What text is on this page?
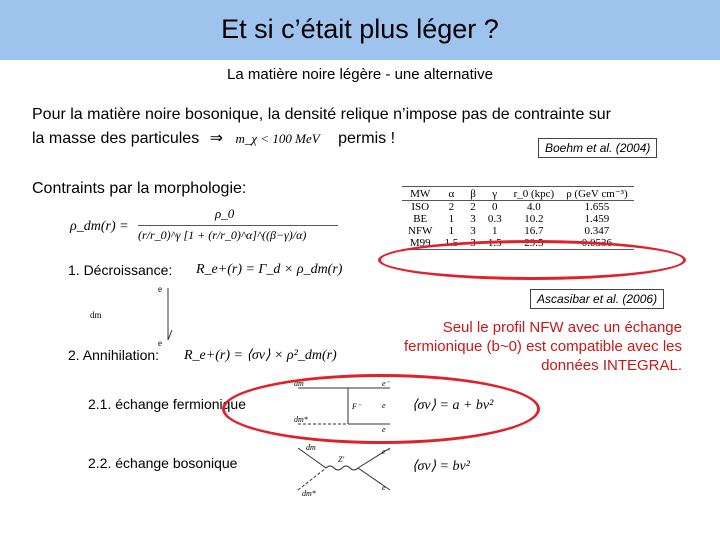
Et si c’était plus léger ?
La matière noire légère - une alternative
Pour la matière noire bosonique, la densité relique n’impose pas de contrainte sur
la masse des particules ⇒ m_χ < 100 MeV permis !
Boehm et al. (2004)
Contraints par la morphologie:
ρ_dm(r) =
ρ_0
(r/r_0)^γ [1 + (r/r_0)^α]^((β−γ)/α)
1. Décroissance: R_e+(r) = Γ_d × ρ_dm(r)
e
dm
e
2. Annihilation: R_e+(r) = ⟨σv⟩ × ρ²_dm(r)
MW	α	β	γ	r_0 (kpc)	ρ (GeV cm⁻³)
ISO	2	2	0	4.0	1.655
BE	1	3	0.3	10.2	1.459
NFW	1	3	1	16.7	0.347
M99	1.5	3	1.5	29.5	0.0536
Ascasibar et al. (2006)
Seul le profil NFW avec un échange
fermionique (b~0) est compatible avec les
données INTEGRAL.
2.1. échange fermionique
dm	e⁻
F⁻	e
dm*
e
⟨σv⟩ = a + bv²
2.2. échange bosonique
dm
Z'
e⁻
dm*
e
⟨σv⟩ = bv²
